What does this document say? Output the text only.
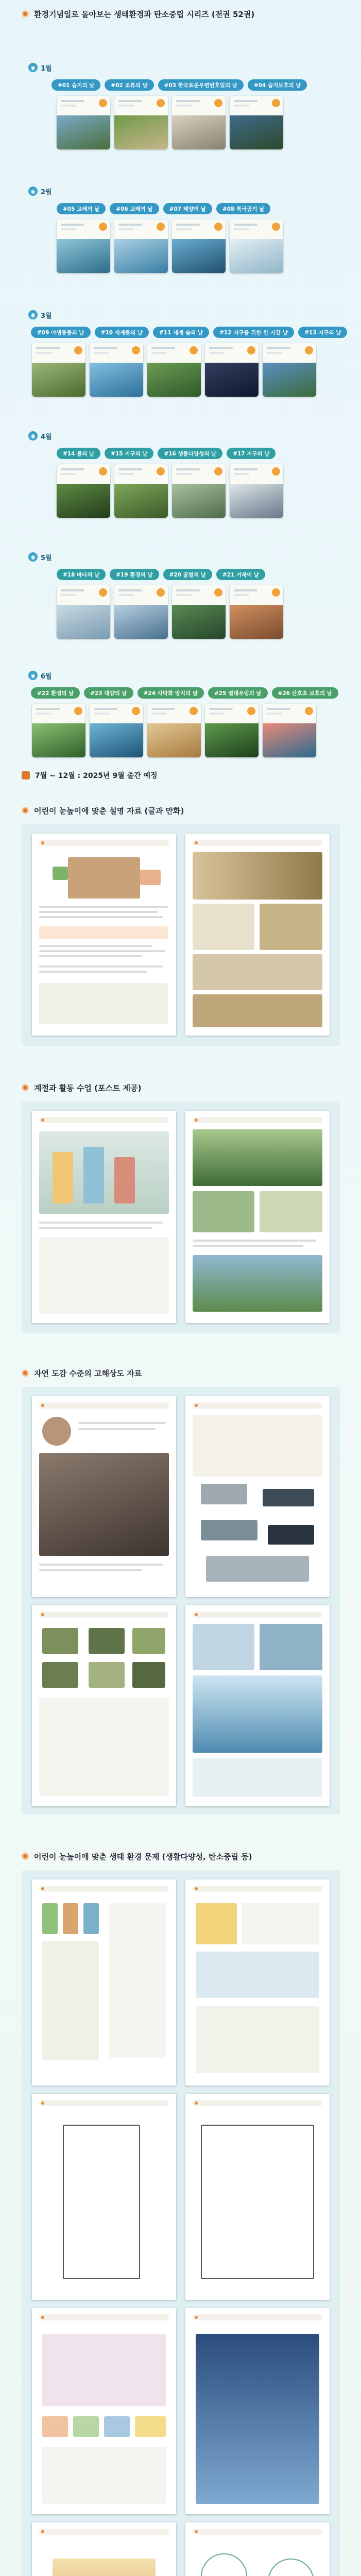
환경기념일로 돌아보는 생태환경과 탄소중립 시리즈 (전권 52권)
◉ 1월
#01 습지의 날	#02 조류의 날	#03 한국표준우편번호일의 날	#04 습지보호의 날
◉ 2월
#05 고래의 날	#06 고래의 날	#07 해양의 날	#08 북극곰의 날
◉ 3월
#09 야생동물의 날	#10 세계물의 날	#11 세계 숲의 날	#12 지구를 위한 한 시간 날	#13 지구의 날
◉ 4월
#14 물의 날	#15 지구의 날	#16 생물다양성의 날	#17 지구의 날
◉ 5월
#18 바다의 날	#19 환경의 날	#20 꿀벌의 날	#21 거북이 날
◉ 6월
#22 환경의 날	#23 대양의 날	#24 사막화 방지의 날	#25 열대우림의 날	#26 산호초 보호의 날
7월 ~ 12월 : 2025년 9월 출간 예정
어린이 눈높이에 맞춘 설명 자료 (글과 만화)
계절과 활동 수업 (포스트 제공)
자연 도감 수준의 고해상도 자료
어린이 눈높이에 맞춘 생태 환경 문제 (생활다양성, 탄소중립 등)
